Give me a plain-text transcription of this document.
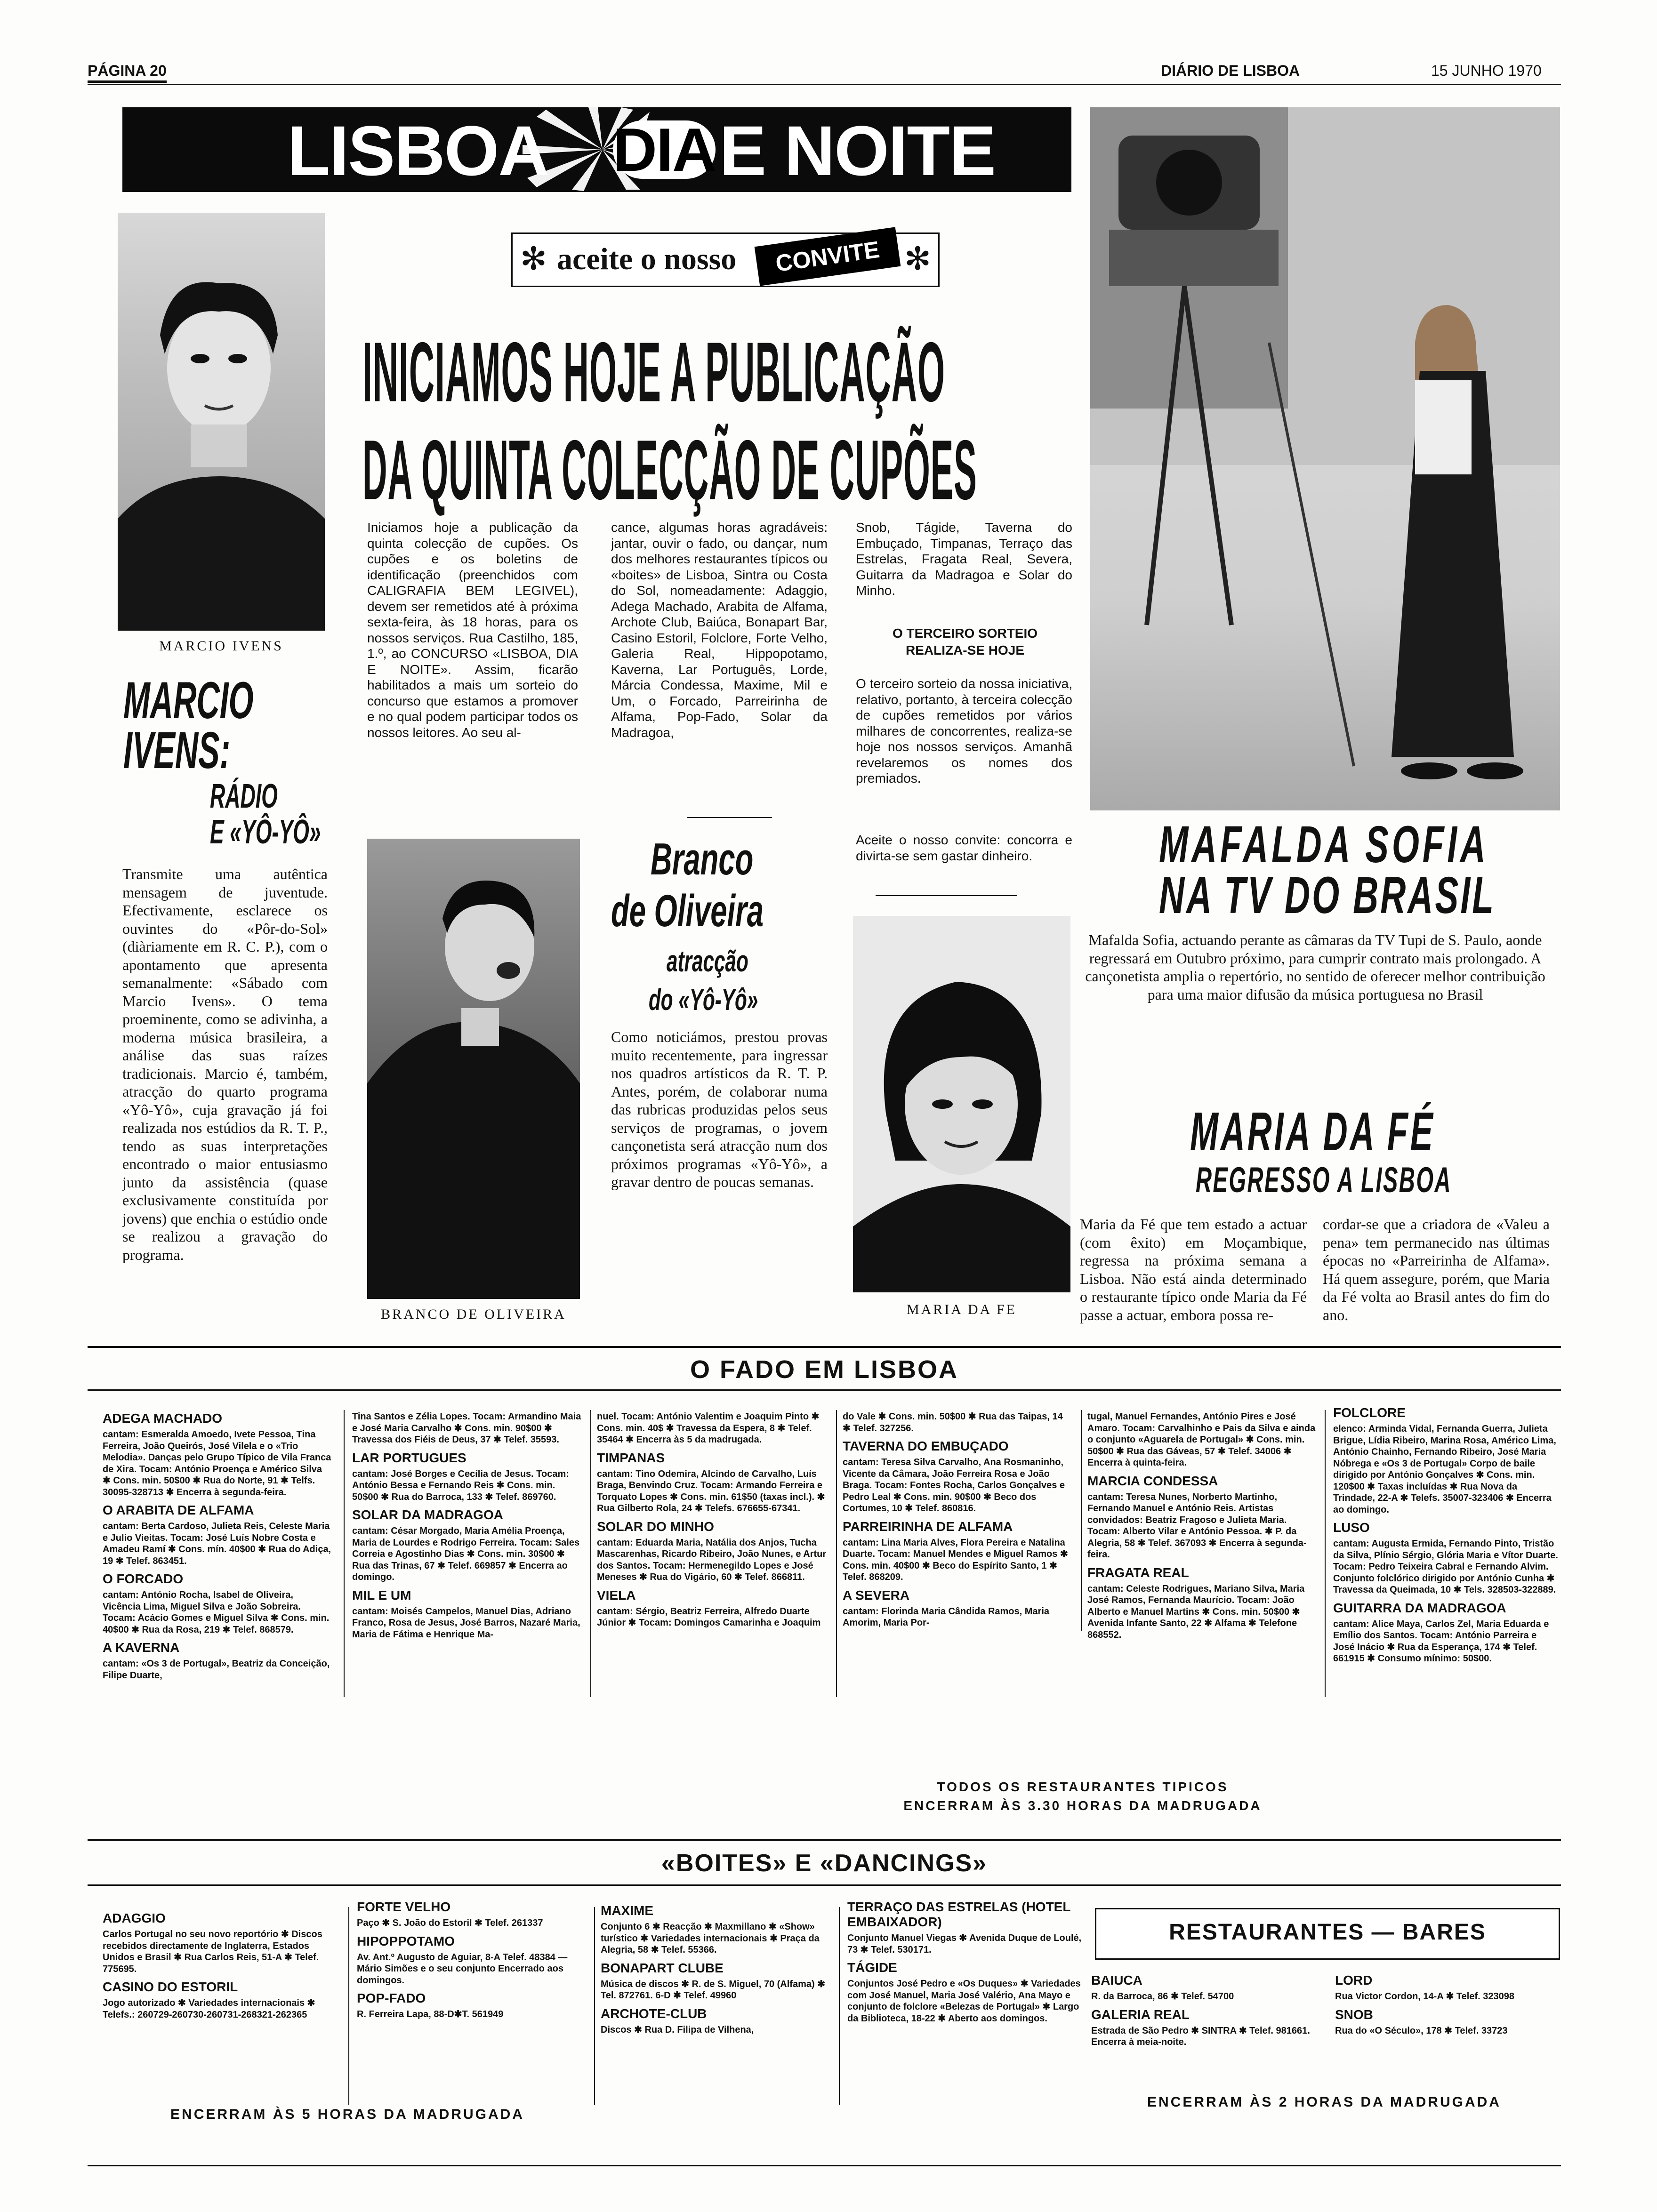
PÁGINA 20	DIÁRIO DE LISBOA	15 JUNHO 1970
LISBOA DIA E NOITE
✻ aceite o nosso	CONVITE ✻
INICIAMOS HOJE A PUBLICAÇÃO
DA QUINTA COLECÇÃO DE CUPÕES
Iniciamos hoje a publicação da quinta colecção de cupões. Os cupões e os boletins de identificação (preenchidos com CALIGRAFIA BEM LEGIVEL), devem ser remetidos até à próxima sexta-feira, às 18 horas, para os nossos serviços. Rua Castilho, 185, 1.º, ao CONCURSO «LISBOA, DIA E NOITE». Assim, ficarão habilitados a mais um sorteio do concurso que estamos a promover e no qual podem participar todos os nossos leitores. Ao seu al-
cance, algumas horas agradáveis: jantar, ouvir o fado, ou dançar, num dos melhores restaurantes típicos ou «boites» de Lisboa, Sintra ou Costa do Sol, nomeadamente: Adaggio, Adega Machado, Arabita de Alfama, Archote Club, Baiúca, Bonapart Bar, Casino Estoril, Folclore, Forte Velho, Galeria Real, Hippopotamo, Kaverna, Lar Português, Lorde, Márcia Condessa, Maxime, Mil e Um, o Forcado, Parreirinha de Alfama, Pop-Fado, Solar da Madragoa,
Snob, Tágide, Taverna do Embuçado, Timpanas, Terraço das Estrelas, Fragata Real, Severa, Guitarra da Madragoa e Solar do Minho.
O TERCEIRO SORTEIO REALIZA-SE HOJE
O terceiro sorteio da nossa iniciativa, relativo, portanto, à terceira colecção de cupões remetidos por vários milhares de concorrentes, realiza-se hoje nos nossos serviços. Amanhã revelaremos os nomes dos premiados.
Aceite o nosso convite: concorra e divirta-se sem gastar dinheiro.
MARCIO IVENS
MARCIO
IVENS:
RÁDIO
E «YÔ-YÔ»
Transmite uma autêntica mensagem de juventude. Efectivamente, esclarece os ouvintes do «Pôr-do-Sol» (diàriamente em R. C. P.), com o apontamento que apresenta semanalmente: «Sábado com Marcio Ivens». O tema proeminente, como se adivinha, a moderna música brasileira, a análise das suas raízes tradicionais. Marcio é, também, atracção do quarto programa «Yô-Yô», cuja gravação já foi realizada nos estúdios da R. T. P., tendo as suas interpretações encontrado o maior entusiasmo junto da assistência (quase exclusivamente constituída por jovens) que enchia o estúdio onde se realizou a gravação do programa.
BRANCO DE OLIVEIRA
Branco
de Oliveira
atracção
do «Yô-Yô»
Como noticiámos, prestou provas muito recentemente, para ingressar nos quadros artísticos da R. T. P. Antes, porém, de colaborar numa das rubricas produzidas pelos seus serviços de programas, o jovem cançonetista será atracção num dos próximos programas «Yô-Yô», a gravar dentro de poucas semanas.
MARIA DA FE
MAFALDA SOFIA
NA TV DO BRASIL
Mafalda Sofia, actuando perante as câmaras da TV Tupi de S. Paulo, aonde regressará em Outubro próximo, para cumprir contrato mais prolongado. A cançonetista amplia o repertório, no sentido de oferecer melhor contribuição para uma maior difusão da música portuguesa no Brasil
MARIA DA FÉ
REGRESSO A LISBOA
Maria da Fé que tem estado a actuar (com êxito) em Moçambique, regressa na próxima semana a Lisboa. Não está ainda determinado o restaurante típico onde Maria da Fé passe a actuar, embora possa re-
cordar-se que a criadora de «Valeu a pena» tem permanecido nas últimas épocas no «Parreirinha de Alfama». Há quem assegure, porém, que Maria da Fé volta ao Brasil antes do fim do ano.
O FADO EM LISBOA
ADEGA MACHADO

cantam: Esmeralda Amoedo, Ivete Pessoa, Tina Ferreira, João Queirós, José Vilela e o «Trio Melodia». Danças pelo Grupo Típico de Vila Franca de Xira. Tocam: António Proença e Américo Silva ✱ Cons. min. 50$00 ✱ Rua do Norte, 91 ✱ Telfs. 30095-328713 ✱ Encerra à segunda-feira.

O ARABITA DE ALFAMA

cantam: Berta Cardoso, Julieta Reis, Celeste Maria e Julio Vieitas. Tocam: José Luís Nobre Costa e Amadeu Ramí ✱ Cons. mín. 40$00 ✱ Rua do Adiça, 19 ✱ Telef. 863451.

O FORCADO

cantam: António Rocha, Isabel de Oliveira, Vicência Lima, Miguel Silva e João Sobreira. Tocam: Acácio Gomes e Miguel Silva ✱ Cons. min. 40$00 ✱ Rua da Rosa, 219 ✱ Telef. 868579.

A KAVERNA

cantam: «Os 3 de Portugal», Beatriz da Conceição, Filipe Duarte,

Tina Santos e Zélia Lopes. Tocam: Armandino Maia e José Maria Carvalho ✱ Cons. min. 90$00 ✱ Travessa dos Fiéis de Deus, 37 ✱ Telef. 35593.

LAR PORTUGUES

cantam: José Borges e Cecília de Jesus. Tocam: António Bessa e Fernando Reis ✱ Cons. min. 50$00 ✱ Rua do Barroca, 133 ✱ Telef. 869760.

SOLAR DA MADRAGOA

cantam: César Morgado, Maria Amélia Proença, Maria de Lourdes e Rodrigo Ferreira. Tocam: Sales Correia e Agostinho Dias ✱ Cons. min. 30$00 ✱ Rua das Trinas, 67 ✱ Telef. 669857 ✱ Encerra ao domingo.

MIL E UM

cantam: Moisés Campelos, Manuel Dias, Adriano Franco, Rosa de Jesus, José Barros, Nazaré Maria, Maria de Fátima e Henrique Ma-

nuel. Tocam: António Valentim e Joaquim Pinto ✱ Cons. min. 40$ ✱ Travessa da Espera, 8 ✱ Telef. 35464 ✱ Encerra às 5 da madrugada.

TIMPANAS

cantam: Tino Odemira, Alcindo de Carvalho, Luís Braga, Benvindo Cruz. Tocam: Armando Ferreira e Torquato Lopes ✱ Cons. min. 61$50 (taxas incl.). ✱ Rua Gilberto Rola, 24 ✱ Telefs. 676655-67341.

SOLAR DO MINHO

cantam: Eduarda Maria, Natália dos Anjos, Tucha Mascarenhas, Ricardo Ribeiro, João Nunes, e Artur dos Santos. Tocam: Hermenegildo Lopes e José Meneses ✱ Rua do Vigário, 60 ✱ Telef. 866811.

VIELA

cantam: Sérgio, Beatriz Ferreira, Alfredo Duarte Júnior ✱ Tocam: Domingos Camarinha e Joaquim

do Vale ✱ Cons. min. 50$00 ✱ Rua das Taipas, 14 ✱ Telef. 327256.

TAVERNA DO EMBUÇADO

cantam: Teresa Silva Carvalho, Ana Rosmaninho, Vicente da Câmara, João Ferreira Rosa e João Braga. Tocam: Fontes Rocha, Carlos Gonçalves e Pedro Leal ✱ Cons. min. 90$00 ✱ Beco dos Cortumes, 10 ✱ Telef. 860816.

PARREIRINHA DE ALFAMA

cantam: Lina Maria Alves, Flora Pereira e Natalina Duarte. Tocam: Manuel Mendes e Miguel Ramos ✱ Cons. min. 40$00 ✱ Beco do Espírito Santo, 1 ✱ Telef. 868209.

A SEVERA

cantam: Florinda Maria Cândida Ramos, Maria Amorim, Maria Por-

tugal, Manuel Fernandes, António Pires e José Amaro. Tocam: Carvalhinho e Pais da Silva e ainda o conjunto «Aguarela de Portugal» ✱ Cons. min. 50$00 ✱ Rua das Gáveas, 57 ✱ Telef. 34006 ✱ Encerra à quinta-feira.

MARCIA CONDESSA

cantam: Teresa Nunes, Norberto Martinho, Fernando Manuel e António Reis. Artistas convidados: Beatriz Fragoso e Julieta Maria. Tocam: Alberto Vilar e António Pessoa. ✱ P. da Alegria, 58 ✱ Telef. 367093 ✱ Encerra à segunda-feira.

FRAGATA REAL

cantam: Celeste Rodrigues, Mariano Silva, Maria José Ramos, Fernanda Maurício. Tocam: João Alberto e Manuel Martins ✱ Cons. min. 50$00 ✱ Avenida Infante Santo, 22 ✱ Alfama ✱ Telefone 868552.

FOLCLORE

elenco: Arminda Vidal, Fernanda Guerra, Julieta Brigue, Lídia Ribeiro, Marina Rosa, Américo Lima, António Chainho, Fernando Ribeiro, José Maria Nóbrega e «Os 3 de Portugal» Corpo de baile dirigido por António Gonçalves ✱ Cons. min. 120$00 ✱ Taxas incluídas ✱ Rua Nova da Trindade, 22-A ✱ Telefs. 35007-323406 ✱ Encerra ao domingo.

LUSO

cantam: Augusta Ermida, Fernando Pinto, Tristão da Silva, Plínio Sérgio, Glória Maria e Vítor Duarte. Tocam: Pedro Teixeira Cabral e Fernando Alvim. Conjunto folclórico dirigido por António Cunha ✱ Travessa da Queimada, 10 ✱ Tels. 328503-322889.

GUITARRA DA MADRAGOA

cantam: Alice Maya, Carlos Zel, Maria Eduarda e Emílio dos Santos. Tocam: António Parreira e José Inácio ✱ Rua da Esperança, 174 ✱ Telef. 661915 ✱ Consumo mínimo: 50$00.

TODOS OS RESTAURANTES TIPICOS
ENCERRAM ÀS 3.30 HORAS DA MADRUGADA
«BOITES» E «DANCINGS»
ADAGGIO

Carlos Portugal no seu novo reportório ✱ Discos recebidos directamente de Inglaterra, Estados Unidos e Brasil ✱ Rua Carlos Reis, 51-A ✱ Telef. 775695.

CASINO DO ESTORIL

Jogo autorizado ✱ Variedades internacionais ✱ Telefs.: 260729-260730-260731-268321-262365

FORTE VELHO

Paço ✱ S. João do Estoril ✱ Telef. 261337

HIPOPPOTAMO

Av. Ant.º Augusto de Aguiar, 8-A Telef. 48384 — Mário Simões e o seu conjunto Encerrado aos domingos.

POP-FADO

R. Ferreira Lapa, 88-D✱T. 561949

MAXIME

Conjunto 6 ✱ Reacção ✱ Maxmillano ✱ «Show» turístico ✱ Variedades internacionais ✱ Praça da Alegria, 58 ✱ Telef. 55366.

BONAPART CLUBE

Música de discos ✱ R. de S. Miguel, 70 (Alfama) ✱ Tel. 872761. 6-D ✱ Telef. 49960

ARCHOTE-CLUB

Discos ✱ Rua D. Filipa de Vilhena,

TERRAÇO DAS ESTRELAS (HOTEL EMBAIXADOR)

Conjunto Manuel Viegas ✱ Avenida Duque de Loulé, 73 ✱ Telef. 530171.

TÁGIDE

Conjuntos José Pedro e «Os Duques» ✱ Variedades com José Manuel, Maria José Valério, Ana Mayo e conjunto de folclore «Belezas de Portugal» ✱ Largo da Biblioteca, 18-22 ✱ Aberto aos domingos.

ENCERRAM ÀS 5 HORAS DA MADRUGADA
RESTAURANTES — BARES
BAIUCA

R. da Barroca, 86 ✱ Telef. 54700

GALERIA REAL

Estrada de São Pedro ✱ SINTRA ✱ Telef. 981661. Encerra à meia-noite.

LORD

Rua Victor Cordon, 14-A ✱ Telef. 323098

SNOB

Rua do «O Século», 178 ✱ Telef. 33723

ENCERRAM ÀS 2 HORAS DA MADRUGADA
